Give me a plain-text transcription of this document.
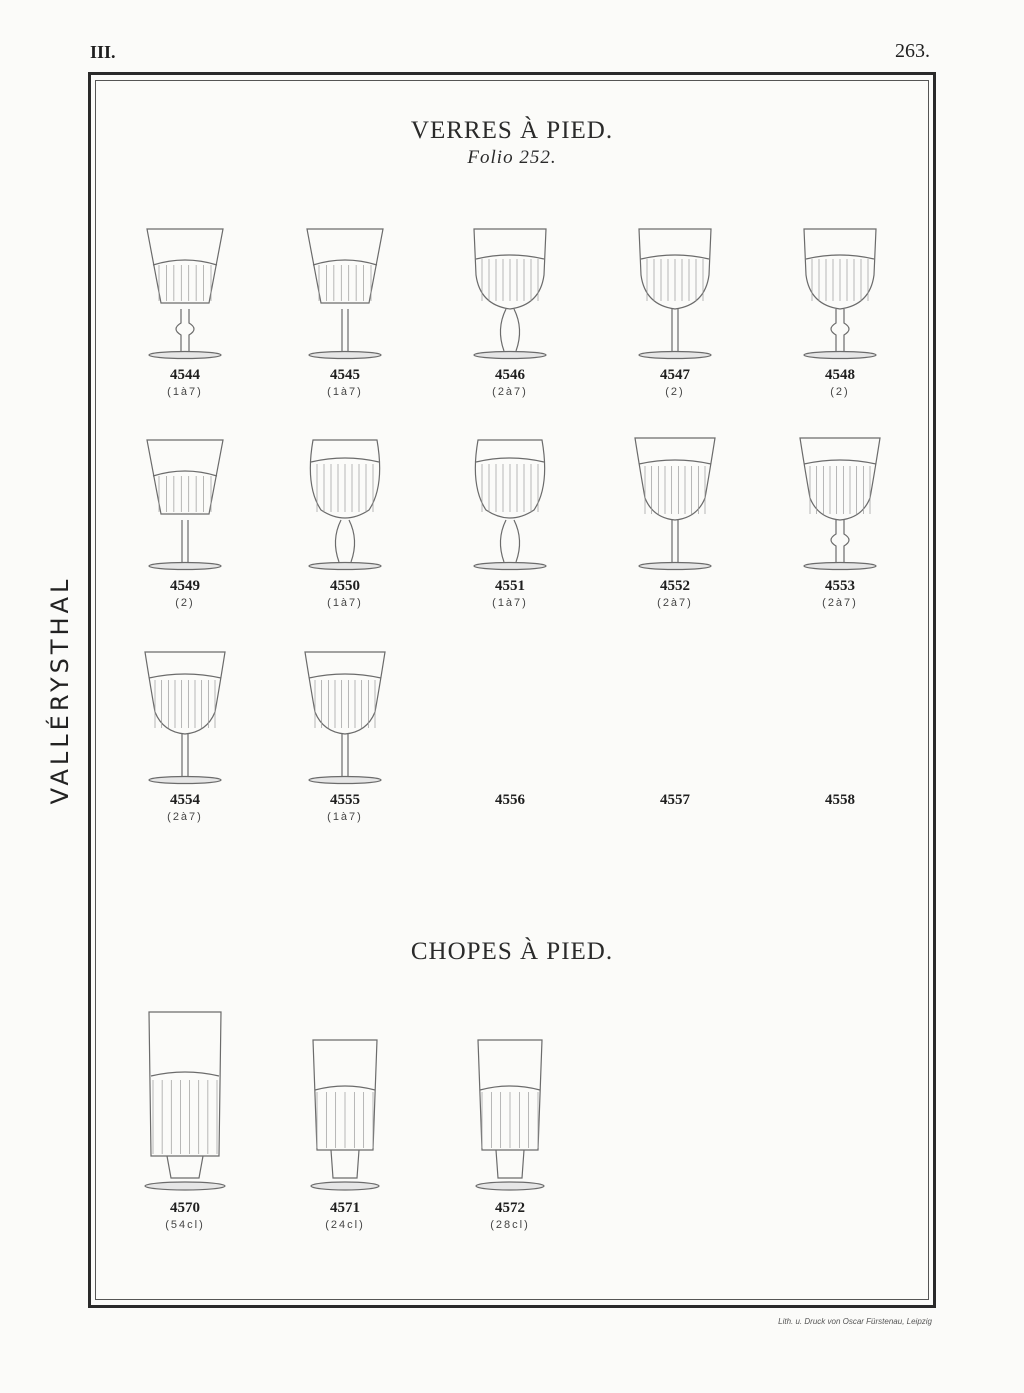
III.	263.
VALLÉRYSTHAL
VERRES À PIED.
Folio 252.
CHOPES À PIED.
4544
(1à7)
4545
(1à7)
4546
(2à7)
4547
(2)
4548
(2)
4549
(2)
4550
(1à7)
4551
(1à7)
4552
(2à7)
4553
(2à7)
4554
(2à7)
4555
(1à7)
4556	4557	4558
4570
(54cl)
4571
(24cl)
4572
(28cl)
Lith. u. Druck von Oscar Fürstenau, Leipzig
